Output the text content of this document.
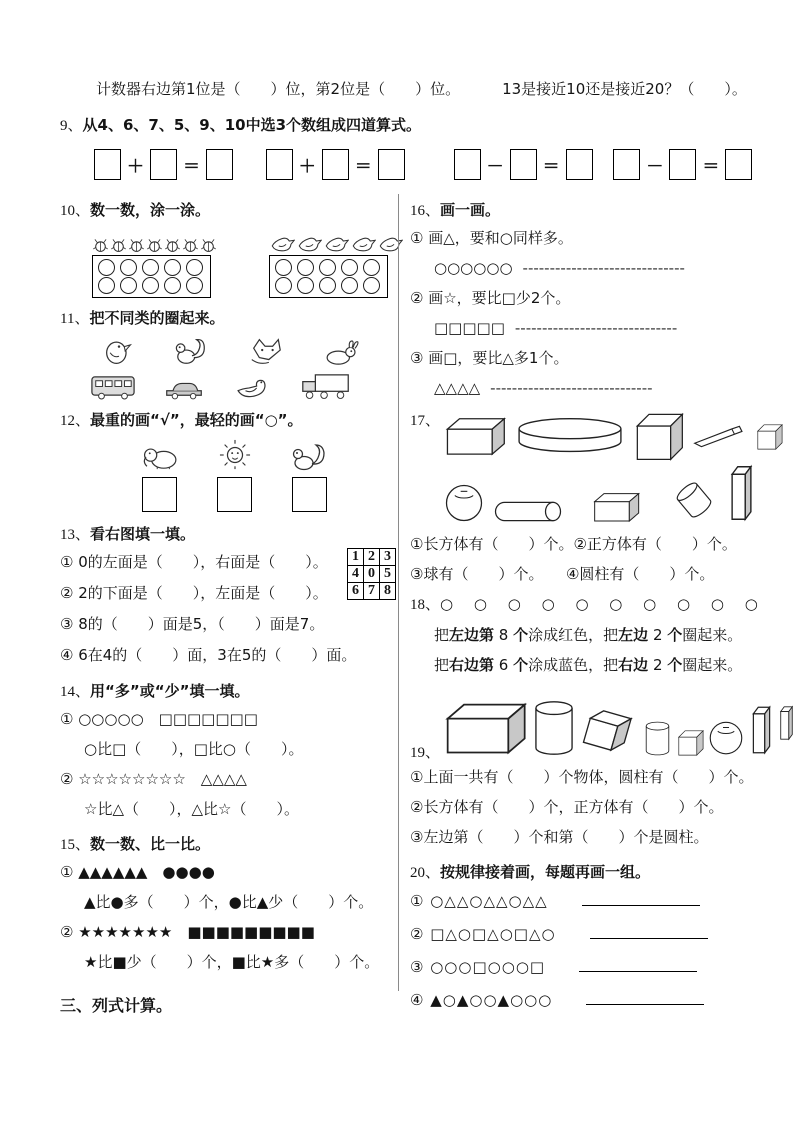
计数器右边第1位是（　　）位，第2位是（　　）位。	13是接近10还是接近20？（　　）。
9、从4、6、7、5、9、10中选3个数组成四道算式。
＋ ＝	＋ ＝	－ ＝	－ ＝
10、数一数，涂一涂。
11、把不同类的圈起来。
12、最重的画“√”，最轻的画“○”。
13、看右图填一填。
① 0的左面是（　　），右面是（　　）。
② 2的下面是（　　），左面是（　　）。
③ 8的（　　）面是5，（　　）面是7。
④ 6在4的（　　）面，3在5的（　　）面。
1	2	3
4	0	5
6	7	8
14、用“多”或“少”填一填。
① ○○○○○　□□□□□□□
○比□（　　），□比○（　　）。
② ☆☆☆☆☆☆☆☆　△△△△
☆比△（　　），△比☆（　　）。
15、数一数、比一比。
① ▲▲▲▲▲▲　●●●●
▲比●多（　　）个，●比▲少（　　）个。
② ★★★★★★★　■■■■■■■■■
★比■少（　　）个，■比★多（　　）个。
三、列式计算。
16、画一画。
① 画△，要和○同样多。
○○○○○○ ------------------------------
② 画☆，要比□少2个。
□□□□□ ------------------------------
③ 画□，要比△多1个。
△△△△ ------------------------------
17、
①长方体有（　　）个。②正方体有（　　）个。
③球有（　　）个。　　④圆柱有（　　）个。
18、○ ○ ○ ○ ○ ○ ○ ○ ○ ○
把左边第 8 个涂成红色，把左边 2 个圈起来。
把右边第 6 个涂成蓝色，把右边 2 个圈起来。
19、
①上面一共有（　　）个物体，圆柱有（　　）个。
②长方体有（　　）个，正方体有（　　）个。
③左边第（　　）个和第（　　）个是圆柱。
20、按规律接着画，每题再画一组。
① ○△△○△△○△△
② □△○□△○□△○
③ ○○○□○○○□
④ ▲○▲○○▲○○○
